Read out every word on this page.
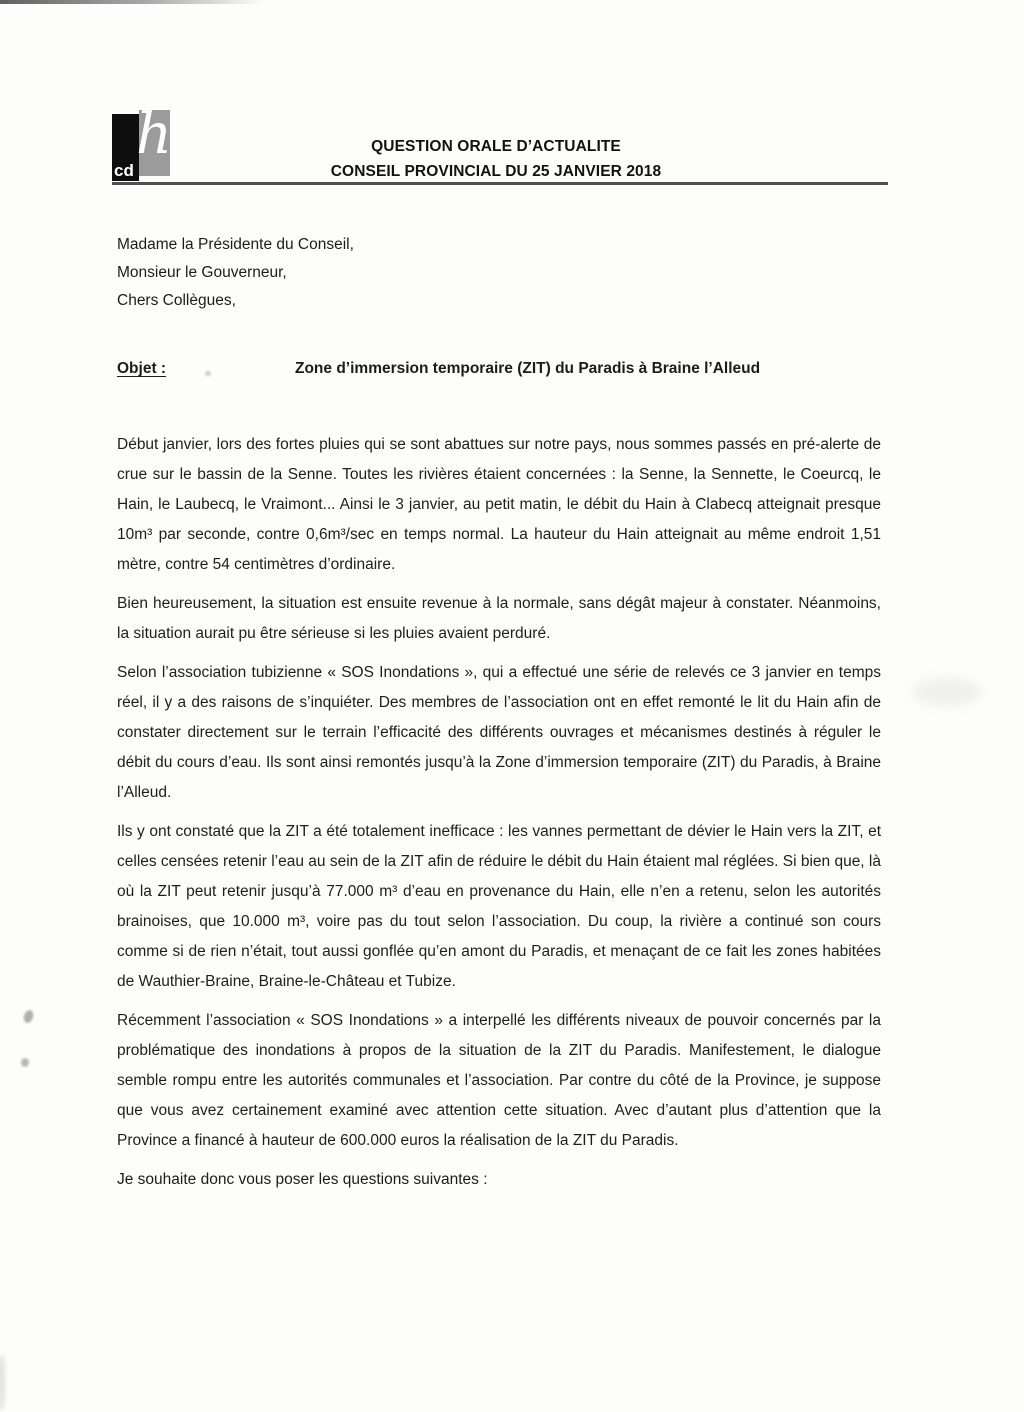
cd
h	QUESTION ORALE D’ACTUALITE
CONSEIL PROVINCIAL DU 25 JANVIER 2018

Madame la Présidente du Conseil,

Monsieur le Gouverneur,

Chers Collègues,

Objet :	Zone d’immersion temporaire (ZIT) du Paradis à Braine l’Alleud

Début janvier, lors des fortes pluies qui se sont abattues sur notre pays, nous sommes passés en pré-alerte de crue sur le bassin de la Senne. Toutes les rivières étaient concernées : la Senne, la Sennette, le Coeurcq, le Hain, le Laubecq, le Vraimont... Ainsi le 3 janvier, au petit matin, le débit du Hain à Clabecq atteignait presque 10m³ par seconde, contre 0,6m³/sec en temps normal. La hauteur du Hain atteignait au même endroit 1,51 mètre, contre 54 centimètres d’ordinaire.

Bien heureusement, la situation est ensuite revenue à la normale, sans dégât majeur à constater. Néanmoins, la situation aurait pu être sérieuse si les pluies avaient perduré.

Selon l’association tubizienne « SOS Inondations », qui a effectué une série de relevés ce 3 janvier en temps réel, il y a des raisons de s’inquiéter. Des membres de l’association ont en effet remonté le lit du Hain afin de constater directement sur le terrain l’efficacité des différents ouvrages et mécanismes destinés à réguler le débit du cours d’eau. Ils sont ainsi remontés jusqu’à la Zone d’immersion temporaire (ZIT) du Paradis, à Braine l’Alleud.

Ils y ont constaté que la ZIT a été totalement inefficace : les vannes permettant de dévier le Hain vers la ZIT, et celles censées retenir l’eau au sein de la ZIT afin de réduire le débit du Hain étaient mal réglées. Si bien que, là où la ZIT peut retenir jusqu’à 77.000 m³ d’eau en provenance du Hain, elle n’en a retenu, selon les autorités brainoises, que 10.000 m³, voire pas du tout selon l’association. Du coup, la rivière a continué son cours comme si de rien n’était, tout aussi gonflée qu’en amont du Paradis, et menaçant de ce fait les zones habitées de Wauthier-Braine, Braine-le-Château et Tubize.

Récemment l’association « SOS Inondations » a interpellé les différents niveaux de pouvoir concernés par la problématique des inondations à propos de la situation de la ZIT du Paradis. Manifestement, le dialogue semble rompu entre les autorités communales et l’association. Par contre du côté de la Province, je suppose que vous avez certainement examiné avec attention cette situation. Avec d’autant plus d’attention que la Province a financé à hauteur de 600.000 euros la réalisation de la ZIT du Paradis.

Je souhaite donc vous poser les questions suivantes :
